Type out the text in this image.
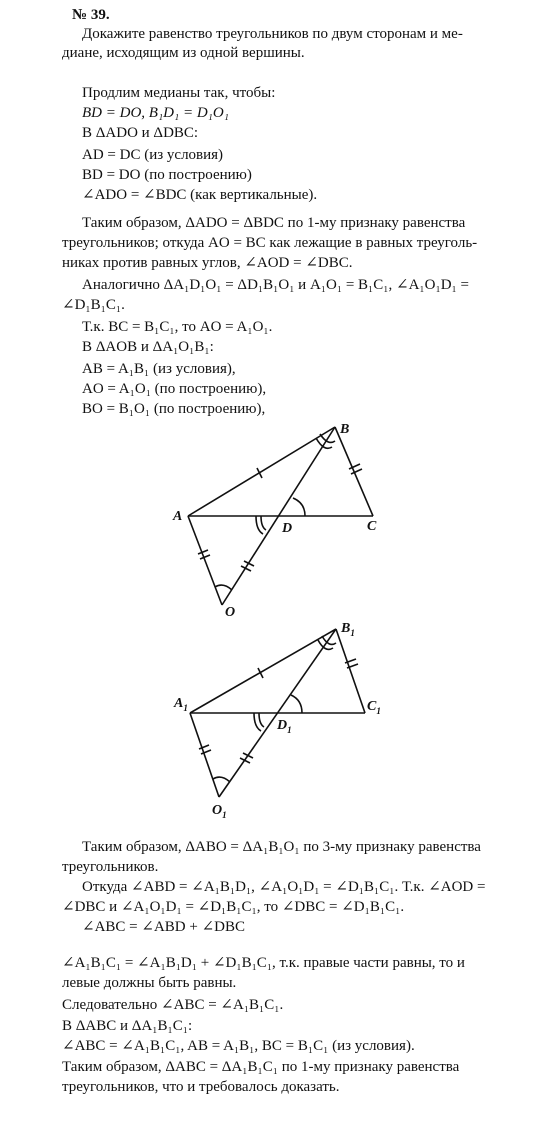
№ 39.
Докажите равенство треугольников по двум сторонам и ме-
диане, исходящим из одной вершины.
Продлим медианы так, чтобы:
BD = DO, B₁D₁ = D₁O₁
В ΔADO и ΔDBC:
AD = DC (из условия)
BD = DO (по построению)
∠ADO = ∠BDC (как вертикальные).
Таким образом, ΔADO = ΔBDC по 1-му признаку равенства
треугольников; откуда AO = BC как лежащие в равных треуголь-
никах против равных углов, ∠AOD = ∠DBC.
Аналогично ΔA₁D₁O₁ = ΔD₁B₁O₁ и A₁O₁ = B₁C₁, ∠A₁O₁D₁ =
∠D₁B₁C₁.
Т.к. BC = B₁C₁, то AO = A₁O₁.
В ΔAOB и ΔA₁O₁B₁:
AB = A₁B₁ (из условия),
AO = A₁O₁ (по построению),
BO = B₁O₁ (по построению),
A
B
C
D
O
$A_1$
$B_1$
$C_1$
$D_1$
$O_1$
Таким образом, ΔABO = ΔA₁B₁O₁ по 3-му признаку равенства
треугольников.
Откуда ∠ABD = ∠A₁B₁D₁, ∠A₁O₁D₁ = ∠D₁B₁C₁. Т.к. ∠AOD =
∠DBC и ∠A₁O₁D₁ = ∠D₁B₁C₁, то ∠DBC = ∠D₁B₁C₁.
∠ABC = ∠ABD + ∠DBC
∠A₁B₁C₁ = ∠A₁B₁D₁ + ∠D₁B₁C₁, т.к. правые части равны, то и
левые должны быть равны.
Следовательно ∠ABC = ∠A₁B₁C₁.
В ΔABC и ΔA₁B₁C₁:
∠ABC = ∠A₁B₁C₁, AB = A₁B₁, BC = B₁C₁ (из условия).
Таким образом, ΔABC = ΔA₁B₁C₁ по 1-му признаку равенства
треугольников, что и требовалось доказать.
